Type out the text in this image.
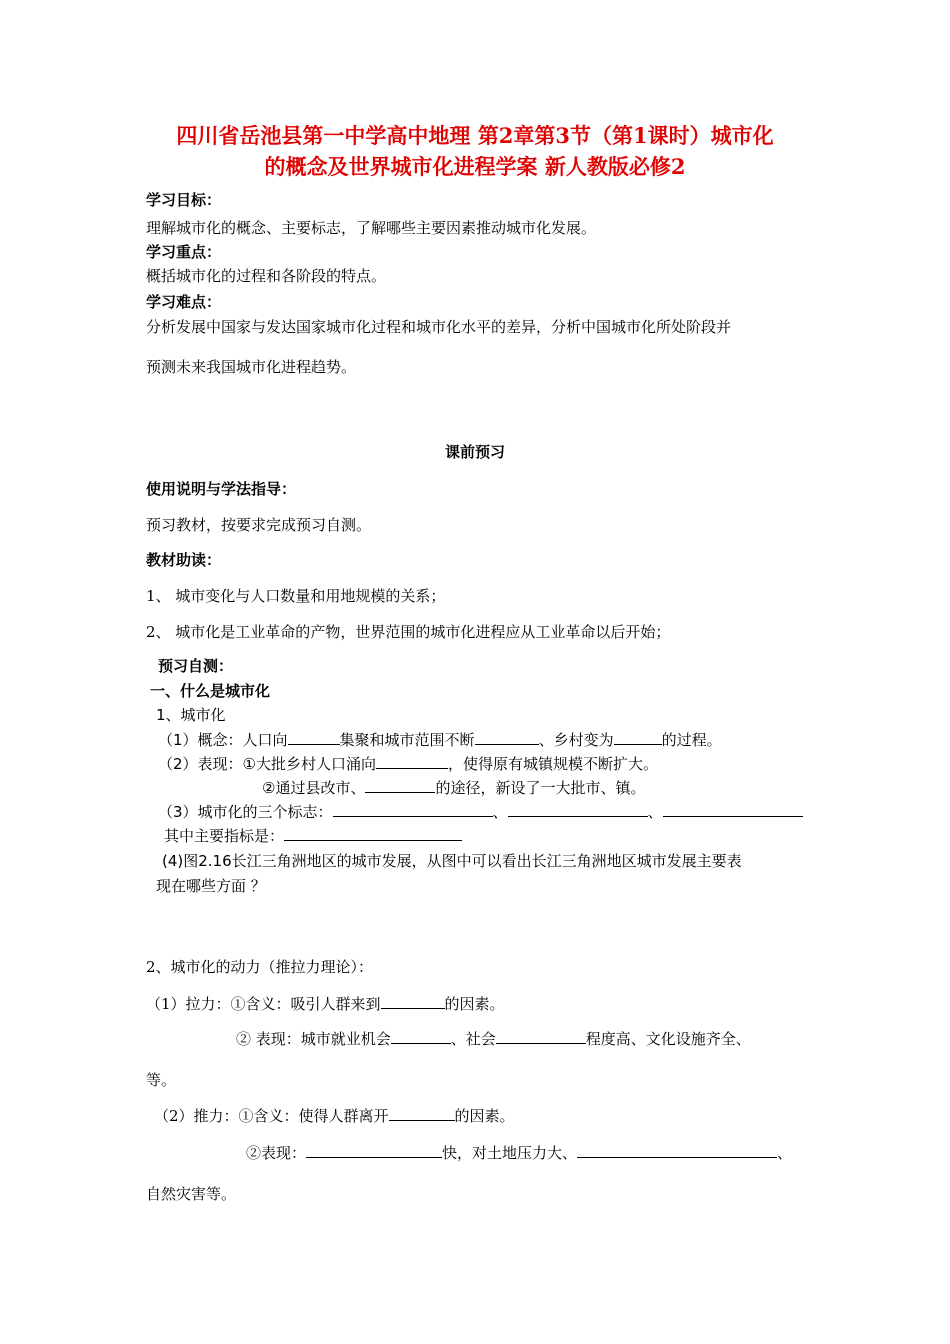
四川省岳池县第一中学高中地理 第2章第3节（第1课时）城市化
的概念及世界城市化进程学案 新人教版必修2
学习目标：
理解城市化的概念、主要标志，了解哪些主要因素推动城市化发展。
学习重点：
概括城市化的过程和各阶段的特点。
学习难点：
分析发展中国家与发达国家城市化过程和城市化水平的差异，分析中国城市化所处阶段并
预测未来我国城市化进程趋势。
课前预习
使用说明与学法指导：
预习教材，按要求完成预习自测。
教材助读：
1、 城市变化与人口数量和用地规模的关系；
2、 城市化是工业革命的产物，世界范围的城市化进程应从工业革命以后开始；
预习自测：
一、什么是城市化
1、城市化
（1）概念：人口向	集聚和城市范围不断	、乡村变为	的过程。
（2）表现：①大批乡村人口涌向	，使得原有城镇规模不断扩大。
②通过县改市、	的途径，新设了一大批市、镇。
（3）城市化的三个标志：	、	、
其中主要指标是：
(4)图2.16长江三角洲地区的城市发展，从图中可以看出长江三角洲地区城市发展主要表
现在哪些方面 ？
2、城市化的动力（推拉力理论）：
（1）拉力：①含义：吸引人群来到	的因素。
② 表现：城市就业机会	、社会	程度高、文化设施齐全、
等。
（2）推力：①含义：使得人群离开	的因素。
②表现：	快，对土地压力大、	、
自然灾害等。
